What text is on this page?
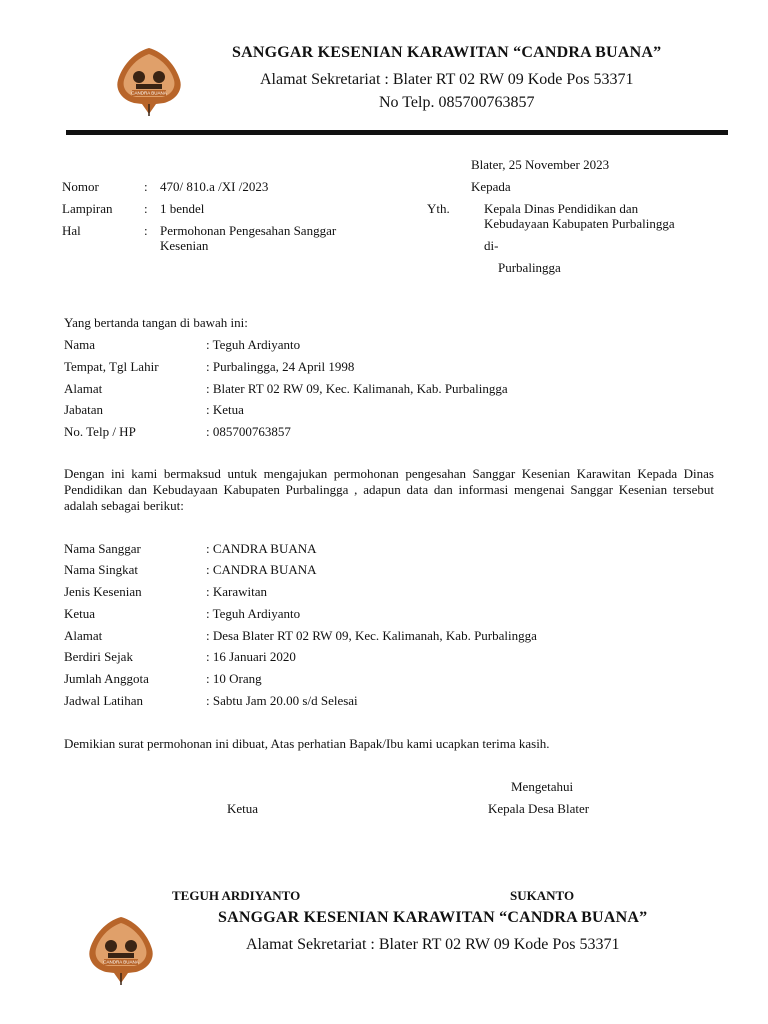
CANDRA BUANA
SANGGAR KESENIAN KARAWITAN “CANDRA BUANA”
Alamat Sekretariat : Blater RT 02 RW 09 Kode Pos 53371
No Telp. 085700763857
Blater, 25 November 2023
Kepada
Nomor	: 470/ 810.a /XI /2023
Lampiran : 1 bendel
Hal	: Permohonan Pengesahan Sanggar
Kesenian
Yth.	Kepala Dinas Pendidikan dan
Kebudayaan Kabupaten Purbalingga
di-
Purbalingga
Yang bertanda tangan di bawah ini:
Nama	: Teguh Ardiyanto
Tempat, Tgl Lahir	: Purbalingga, 24 April 1998
Alamat	: Blater RT 02 RW 09, Kec. Kalimanah, Kab. Purbalingga
Jabatan	: Ketua
No. Telp / HP	: 085700763857
Dengan ini kami bermaksud untuk mengajukan permohonan pengesahan Sanggar Kesenian Karawitan Kepada Dinas Pendidikan dan Kebudayaan Kabupaten Purbalingga , adapun data dan informasi mengenai Sanggar Kesenian tersebut adalah sebagai berikut:
Nama Sanggar	: CANDRA BUANA
Nama Singkat	: CANDRA BUANA
Jenis Kesenian	: Karawitan
Ketua	: Teguh Ardiyanto
Alamat	: Desa Blater RT 02 RW 09, Kec. Kalimanah, Kab. Purbalingga
Berdiri Sejak	: 16 Januari 2020
Jumlah Anggota	: 10 Orang
Jadwal Latihan	: Sabtu Jam 20.00 s/d Selesai
Demikian surat permohonan ini dibuat, Atas perhatian Bapak/Ibu kami ucapkan terima kasih.
Mengetahui
Ketua	Kepala Desa Blater
TEGUH ARDIYANTO	SUKANTO
CANDRA BUANA
SANGGAR KESENIAN KARAWITAN “CANDRA BUANA”
Alamat Sekretariat : Blater RT 02 RW 09 Kode Pos 53371
